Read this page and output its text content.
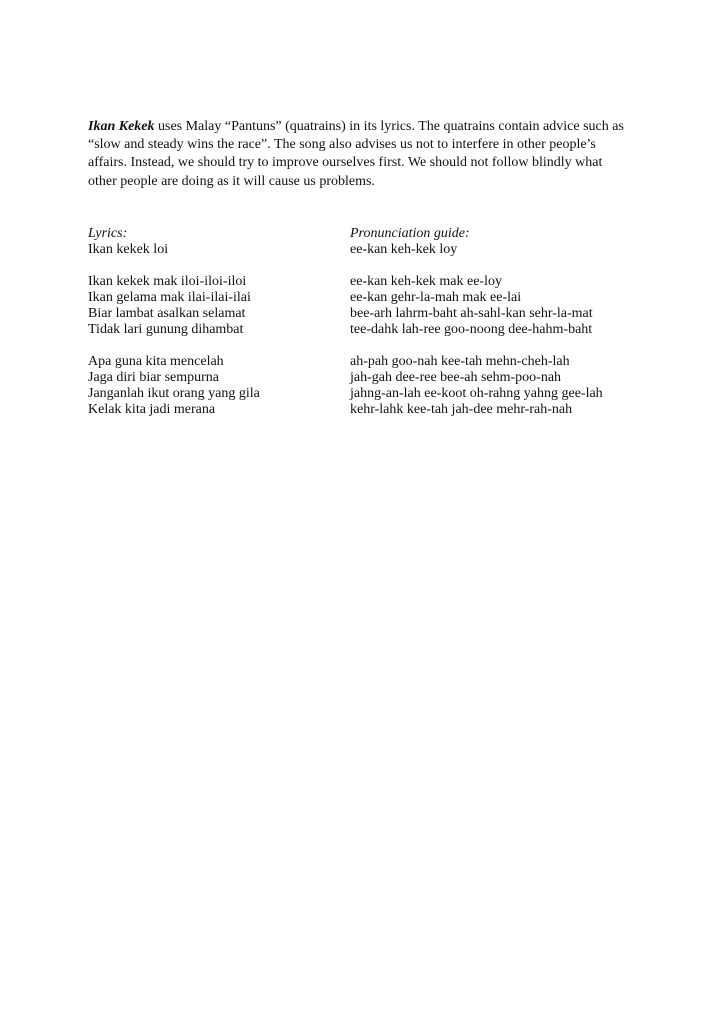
Ikan Kekek uses Malay “Pantuns” (quatrains) in its lyrics. The quatrains contain advice such as “slow and steady wins the race”. The song also advises us not to interfere in other people’s affairs. Instead, we should try to improve ourselves first. We should not follow blindly what other people are doing as it will cause us problems.

Lyrics:
Ikan kekek loi
Ikan kekek mak iloi-iloi-iloi
Ikan gelama mak ilai-ilai-ilai
Biar lambat asalkan selamat
Tidak lari gunung dihambat
Apa guna kita mencelah
Jaga diri biar sempurna
Janganlah ikut orang yang gila
Kelak kita jadi merana
Pronunciation guide:
ee-kan keh-kek loy
ee-kan keh-kek mak ee-loy
ee-kan gehr-la-mah mak ee-lai
bee-arh lahrm-baht ah-sahl-kan sehr-la-mat
tee-dahk lah-ree goo-noong dee-hahm-baht
ah-pah goo-nah kee-tah mehn-cheh-lah
jah-gah dee-ree bee-ah sehm-poo-nah
jahng-an-lah ee-koot oh-rahng yahng gee-lah
kehr-lahk kee-tah jah-dee mehr-rah-nah
